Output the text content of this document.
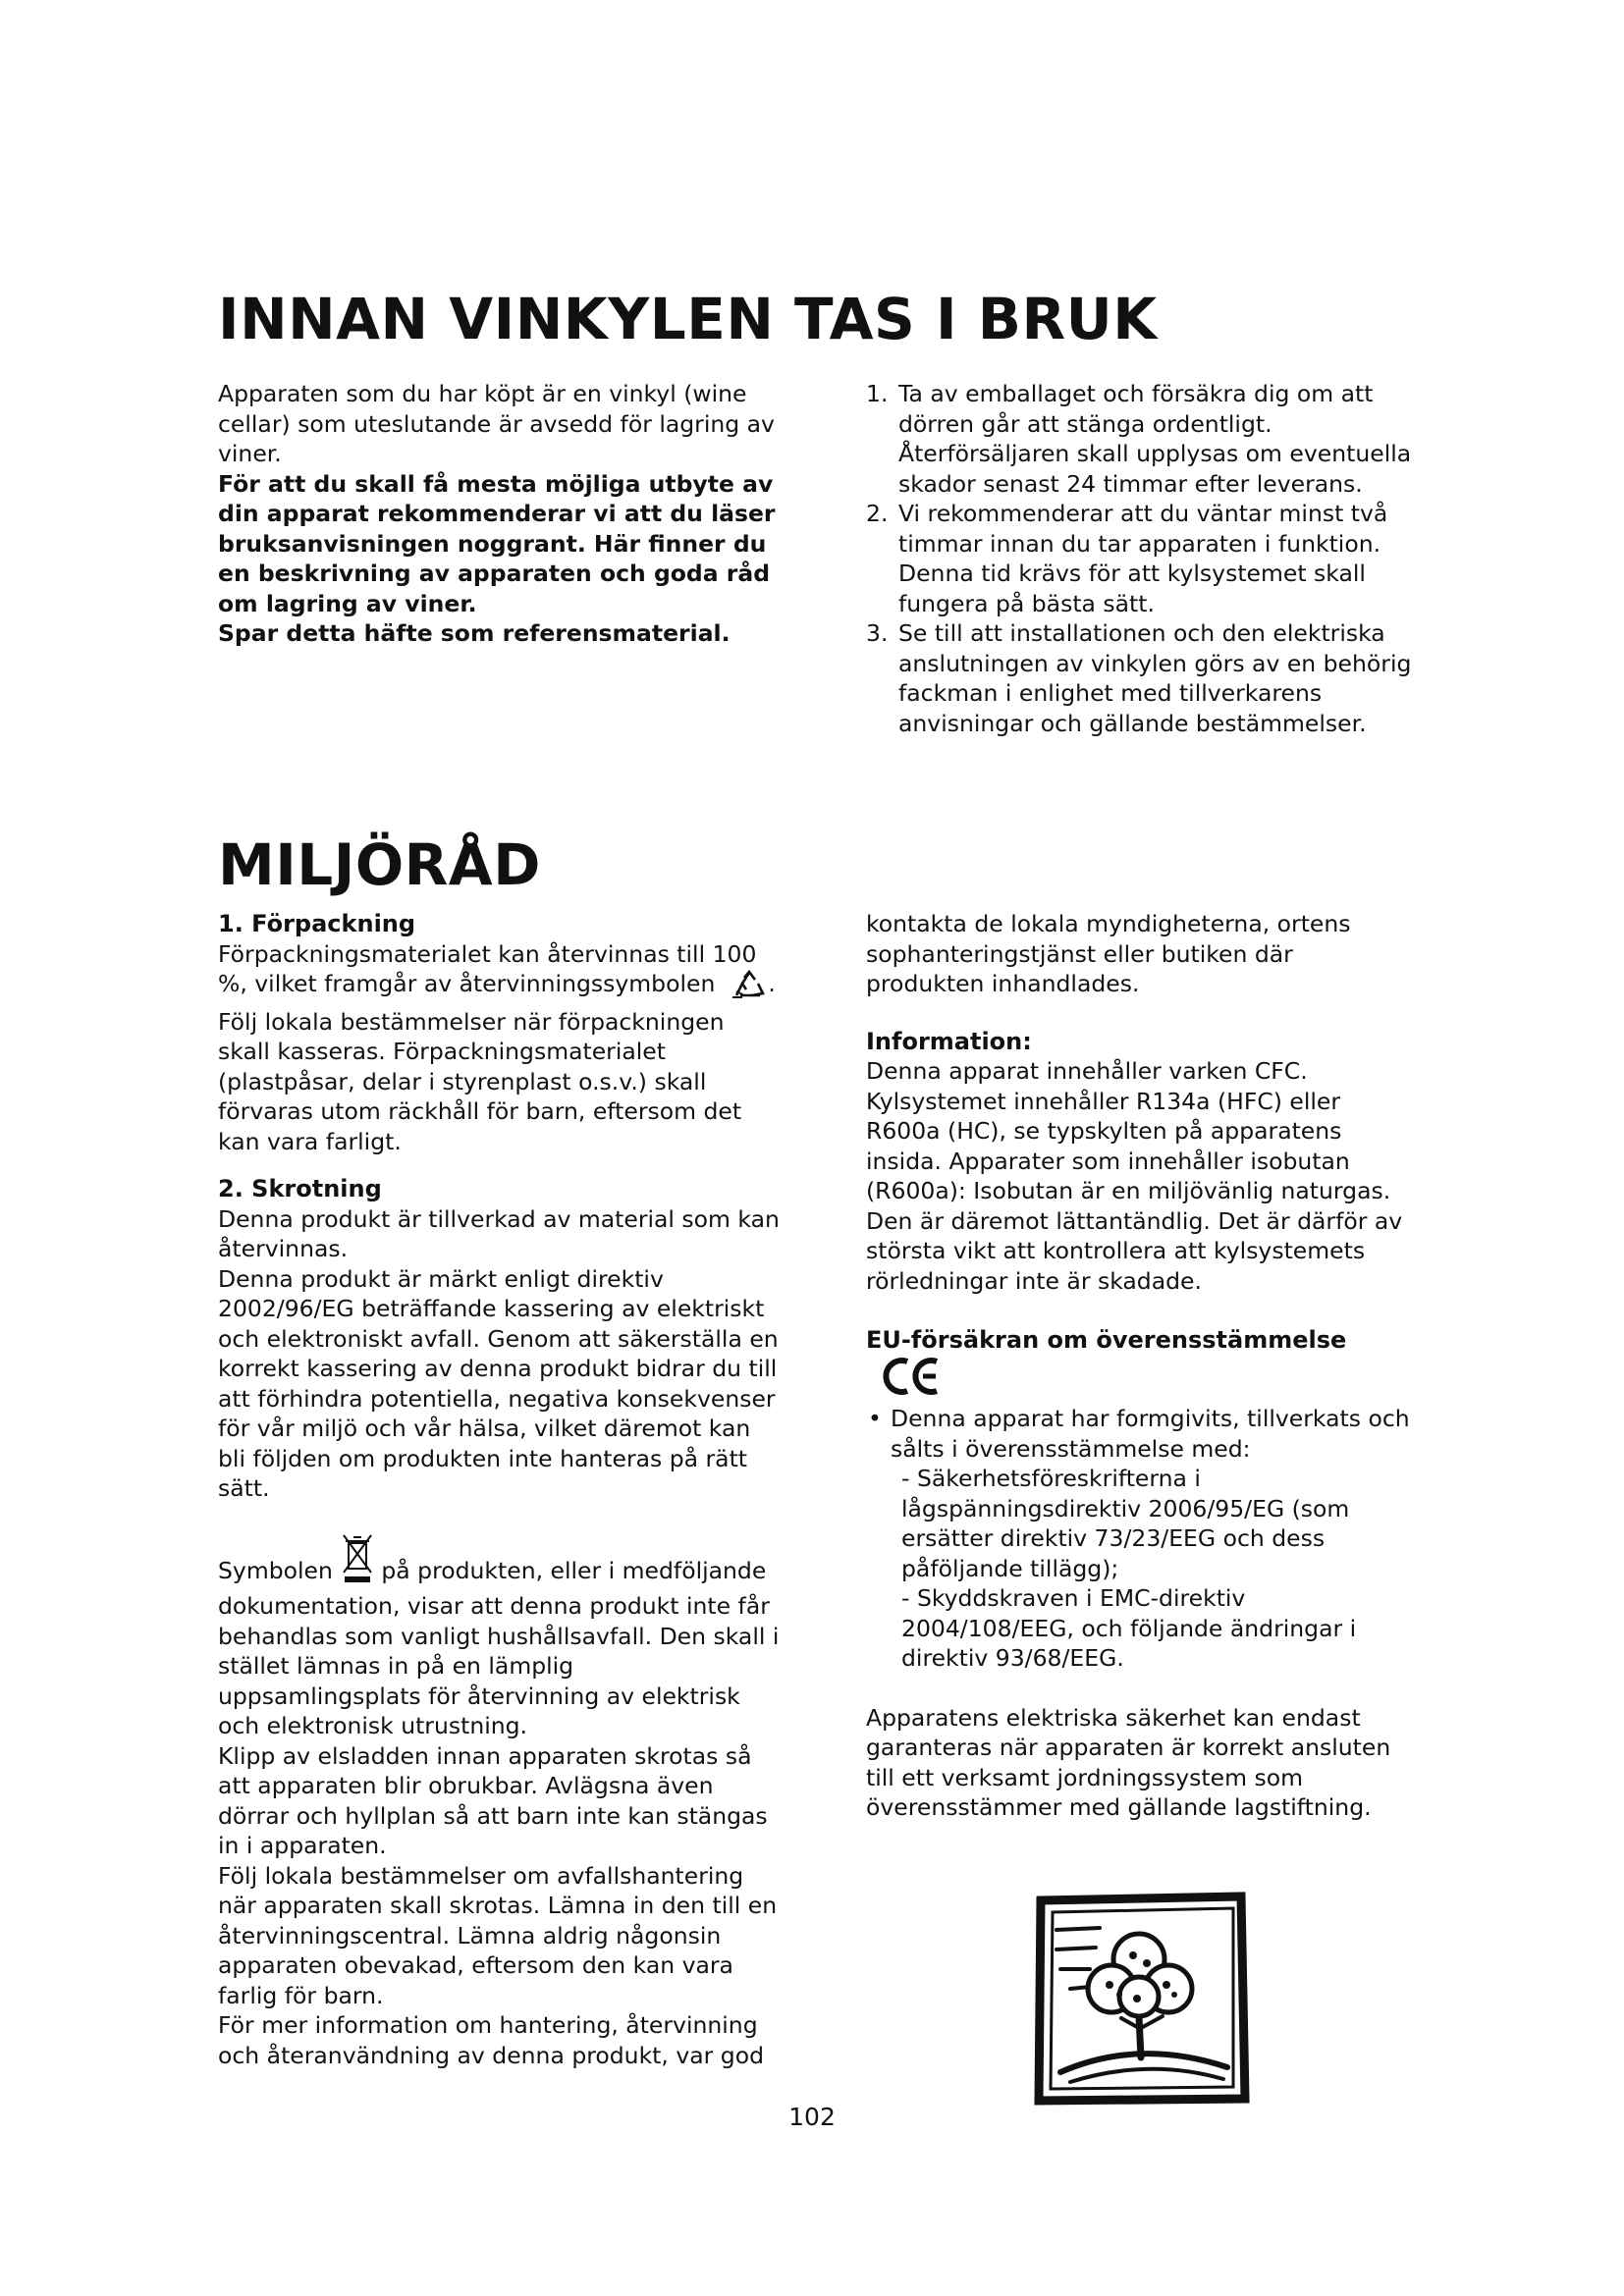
INNAN VINKYLEN TAS I BRUK

Apparaten som du har köpt är en vinkyl (wine cellar) som uteslutande är avsedd för lagring av viner.

För att du skall få mesta möjliga utbyte av din apparat rekommenderar vi att du läser bruksanvisningen noggrant. Här finner du en beskrivning av apparaten och goda råd om lagring av viner.

Spar detta häfte som referensmaterial.

1. Ta av emballaget och försäkra dig om att dörren går att stänga ordentligt. Återförsäljaren skall upplysas om eventuella skador senast 24 timmar efter leverans.
2. Vi rekommenderar att du väntar minst två timmar innan du tar apparaten i funktion. Denna tid krävs för att kylsystemet skall fungera på bästa sätt.
3. Se till att installationen och den elektriska anslutningen av vinkylen görs av en behörig fackman i enlighet med tillverkarens anvisningar och gällande bestämmelser.
MILJÖRÅD

1. Förpackning

Förpackningsmaterialet kan återvinnas till 100 %, vilket framgår av återvinningssymbolen . Följ lokala bestämmelser när förpackningen skall kasseras. Förpackningsmaterialet (plastpåsar, delar i styrenplast o.s.v.) skall förvaras utom räckhåll för barn, eftersom det kan vara farligt.

2. Skrotning

Denna produkt är tillverkad av material som kan återvinnas.

Denna produkt är märkt enligt direktiv 2002/96/EG beträffande kassering av elektriskt och elektroniskt avfall. Genom att säkerställa en korrekt kassering av denna produkt bidrar du till att förhindra potentiella, negativa konsekvenser för vår miljö och vår hälsa, vilket däremot kan bli följden om produkten inte hanteras på rätt sätt.

Symbolen på produkten, eller i medföljande dokumentation, visar att denna produkt inte får behandlas som vanligt hushållsavfall. Den skall i stället lämnas in på en lämplig uppsamlingsplats för återvinning av elektrisk och elektronisk utrustning.

Klipp av elsladden innan apparaten skrotas så att apparaten blir obrukbar. Avlägsna även dörrar och hyllplan så att barn inte kan stängas in i apparaten.

Följ lokala bestämmelser om avfallshantering när apparaten skall skrotas. Lämna in den till en återvinningscentral. Lämna aldrig någonsin apparaten obevakad, eftersom den kan vara farlig för barn.

För mer information om hantering, återvinning och återanvändning av denna produkt, var god

kontakta de lokala myndigheterna, ortens sophanteringstjänst eller butiken där produkten inhandlades.

Information:

Denna apparat innehåller varken CFC. Kylsystemet innehåller R134a (HFC) eller R600a (HC), se typskylten på apparatens insida. Apparater som innehåller isobutan (R600a): Isobutan är en miljövänlig naturgas. Den är däremot lättantändlig. Det är därför av största vikt att kontrollera att kylsystemets rörledningar inte är skadade.

EU-försäkran om överensstämmelse

• Denna apparat har formgivits, tillverkats och sålts i överensstämmelse med:

- Säkerhetsföreskrifterna i lågspänningsdirektiv 2006/95/EG (som ersätter direktiv 73/23/EEG och dess påföljande tillägg);

- Skyddskraven i EMC-direktiv 2004/108/EEG, och följande ändringar i direktiv 93/68/EEG.

Apparatens elektriska säkerhet kan endast garanteras när apparaten är korrekt ansluten till ett verksamt jordningssystem som överensstämmer med gällande lagstiftning.

102
